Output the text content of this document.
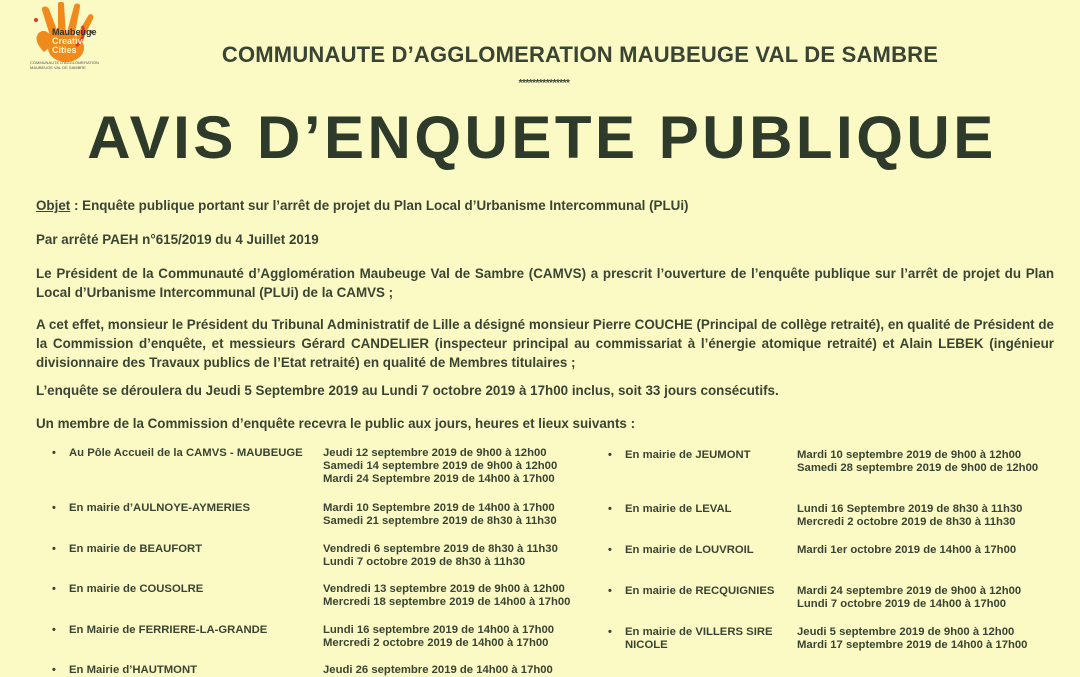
Maubeuge
Creative
Cities
COMMUNAUTE D'AGGLOMERATION MAUBEUGE VAL DE SAMBRE
COMMUNAUTE D’AGGLOMERATION MAUBEUGE VAL DE SAMBRE
***************
AVIS D’ENQUETE PUBLIQUE
Objet : Enquête publique portant sur l’arrêt de projet du Plan Local d’Urbanisme Intercommunal (PLUi)
Par arrêté PAEH n°615/2019 du 4 Juillet 2019
Le Président de la Communauté d’Agglomération Maubeuge Val de Sambre (CAMVS) a prescrit l’ouverture de l’enquête publique sur l’arrêt de projet du Plan Local d’Urbanisme Intercommunal (PLUi) de la CAMVS ;
A cet effet, monsieur le Président du Tribunal Administratif de Lille a désigné monsieur Pierre COUCHE (Principal de collège retraité), en qualité de Président de la Commission d’enquête, et messieurs Gérard CANDELIER (inspecteur principal au commissariat à l’énergie atomique retraité) et Alain LEBEK (ingénieur divisionnaire des Travaux publics de l’Etat retraité) en qualité de Membres titulaires ;
L’enquête se déroulera du Jeudi 5 Septembre 2019 au Lundi 7 octobre 2019 à 17h00 inclus, soit 33 jours consécutifs.
Un membre de la Commission d’enquête recevra le public aux jours, heures et lieux suivants :
• Au Pôle Accueil de la CAMVS - MAUBEUGE	Jeudi 12 septembre 2019 de 9h00 à 12h00
Samedi 14 septembre 2019 de 9h00 à 12h00
Mardi 24 Septembre 2019 de 14h00 à 17h00
• En mairie d’AULNOYE-AYMERIES	Mardi 10 Septembre 2019 de 14h00 à 17h00
Samedi 21 septembre 2019 de 8h30 à 11h30
• En mairie de BEAUFORT	Vendredi 6 septembre 2019 de 8h30 à 11h30
Lundi 7 octobre 2019 de 8h30 à 11h30
• En mairie de COUSOLRE	Vendredi 13 septembre 2019 de 9h00 à 12h00
Mercredi 18 septembre 2019 de 14h00 à 17h00
• En Mairie de FERRIERE-LA-GRANDE	Lundi 16 septembre 2019 de 14h00 à 17h00
Mercredi 2 octobre 2019 de 14h00 à 17h00
• En Mairie d’HAUTMONT	Jeudi 26 septembre 2019 de 14h00 à 17h00
• En mairie de JEUMONT	Mardi 10 septembre 2019 de 9h00 à 12h00
Samedi 28 septembre 2019 de 9h00 de 12h00
• En mairie de LEVAL	Lundi 16 Septembre 2019 de 8h30 à 11h30
Mercredi 2 octobre 2019 de 8h30 à 11h30
• En mairie de LOUVROIL	Mardi 1er octobre 2019 de 14h00 à 17h00
• En mairie de RECQUIGNIES	Mardi 24 septembre 2019 de 9h00 à 12h00
Lundi 7 octobre 2019 de 14h00 à 17h00
• En mairie de VILLERS SIRE NICOLE
Jeudi 5 septembre 2019 de 9h00 à 12h00
Mardi 17 septembre 2019 de 14h00 à 17h00
